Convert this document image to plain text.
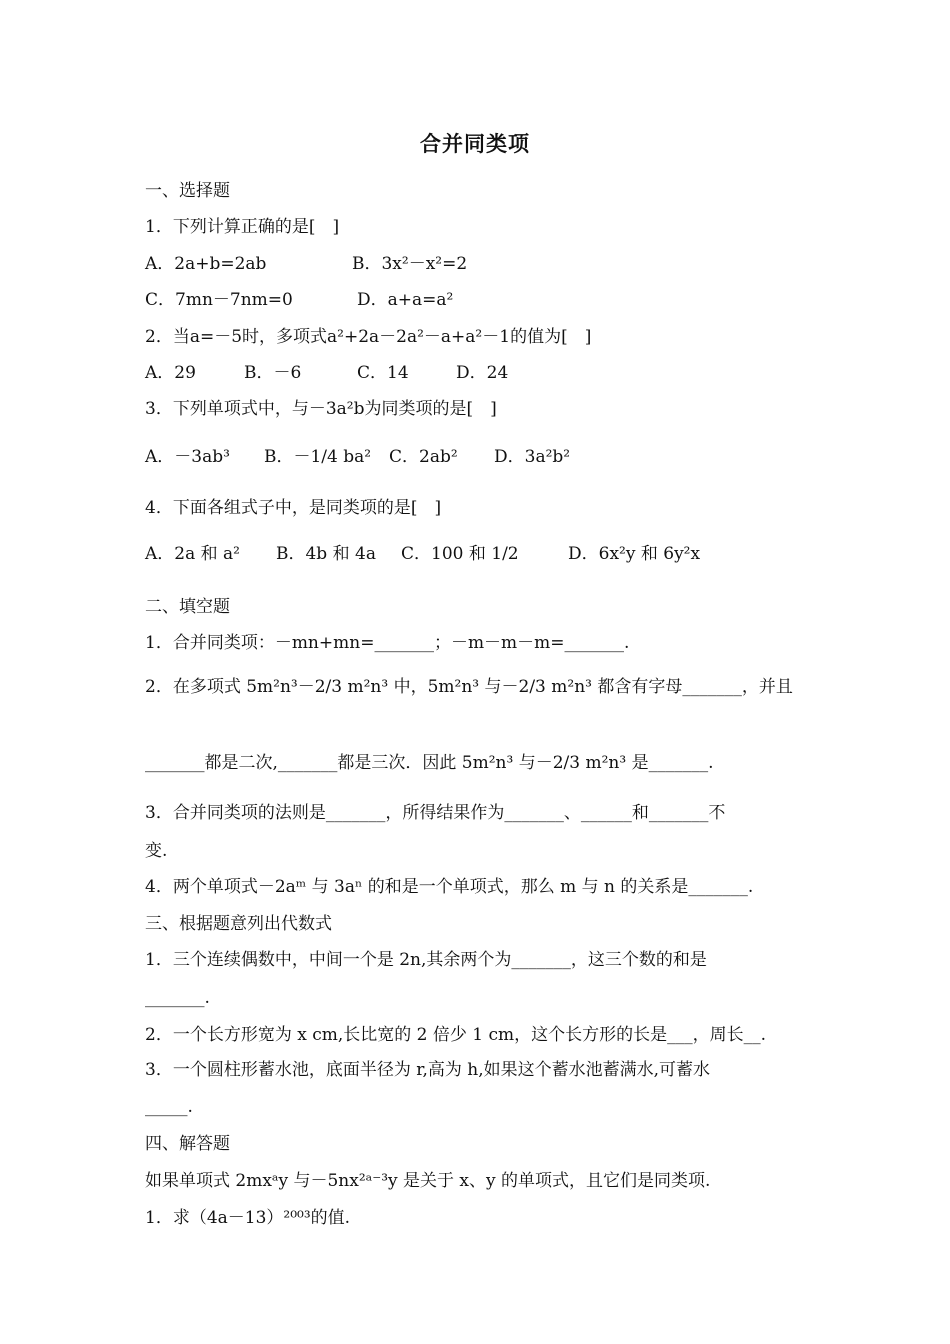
合并同类项
一、选择题
1．下列计算正确的是[　]
A．2a+b=2ab	B．3x²－x²=2
C．7mn－7nm=0	D．a+a=a²
2．当a=－5时，多项式a²+2a－2a²－a+a²－1的值为[　]
A．29	B．－6	C．14	D．24
3．下列单项式中，与－3a²b为同类项的是[　]
A．－3ab³ B．－1/4 ba² C．2ab² D．3a²b²
4．下面各组式子中，是同类项的是[　]
A．2a 和 a² B．4b 和 4a C．100 和 1/2	D．6x²y 和 6y²x
二、填空题
1．合并同类项：－mn+mn=_______；－m－m－m=_______.
2．在多项式 5m²n³－2/3 m²n³ 中，5m²n³ 与－2/3 m²n³ 都含有字母_______，并且
_______都是二次,_______都是三次．因此 5m²n³ 与－2/3 m²n³ 是_______.
3．合并同类项的法则是_______，所得结果作为_______、______和_______不
变.
4．两个单项式－2aᵐ 与 3aⁿ 的和是一个单项式，那么 m 与 n 的关系是_______.
三、根据题意列出代数式
1．三个连续偶数中，中间一个是 2n,其余两个为_______，这三个数的和是
_______.
2．一个长方形宽为 x cm,长比宽的 2 倍少 1 cm，这个长方形的长是___，周长__.
3．一个圆柱形蓄水池，底面半径为 r,高为 h,如果这个蓄水池蓄满水,可蓄水
_____.
四、解答题
如果单项式 2mxᵃy 与－5nx²ᵃ⁻³y 是关于 x、y 的单项式，且它们是同类项.
1．求（4a－13）²⁰⁰³的值.
